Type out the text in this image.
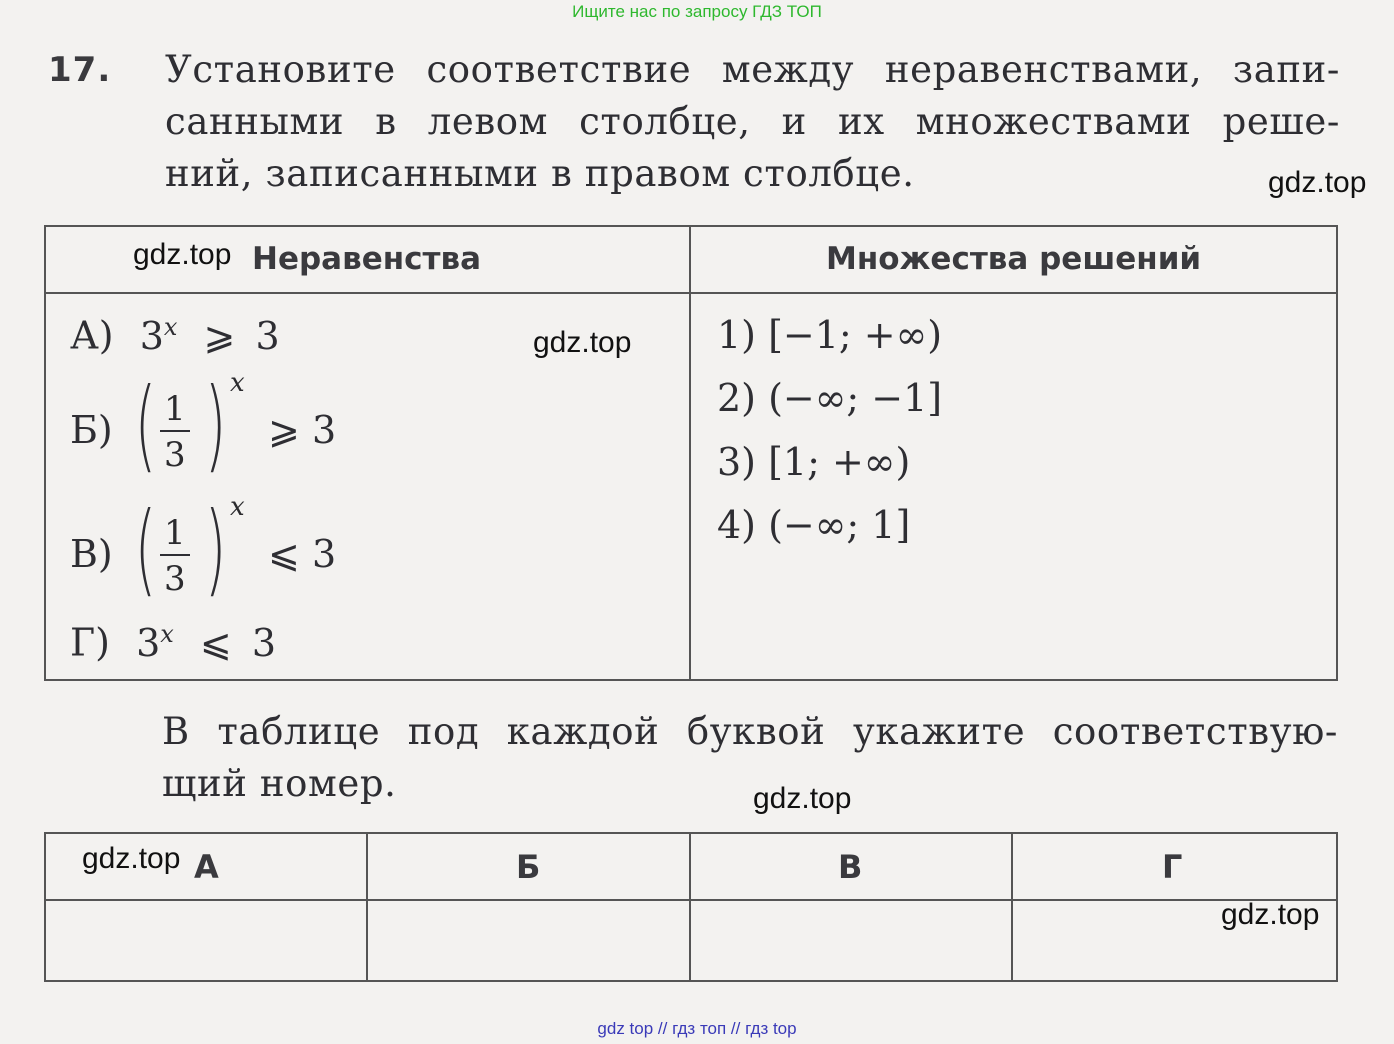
Ищите нас по запросу ГДЗ ТОП
17. Установите соответствие между неравенствами, запи-
санными в левом столбце, и их множествами реше-
ний, записанными в правом столбце.
Неравенства	Множества решений
А) 3$^x$ ⩾ 3
Б) ( $\frac{1}{3}$ ) x
⩾ 3
В) ( $\frac{1}{3}$ ) x
⩽ 3
Г) 3$^x$ ⩽ 3
1) [−1; +∞)
2) (−∞; −1]
3) [1; +∞)
4) (−∞; 1]
В таблице под каждой буквой укажите соответствую-
щий номер.
А	Б	В	Г
gdz.top
gdz.top
gdz.top
gdz.top
gdz.top
gdz.top
gdz top // гдз топ // гдз top
